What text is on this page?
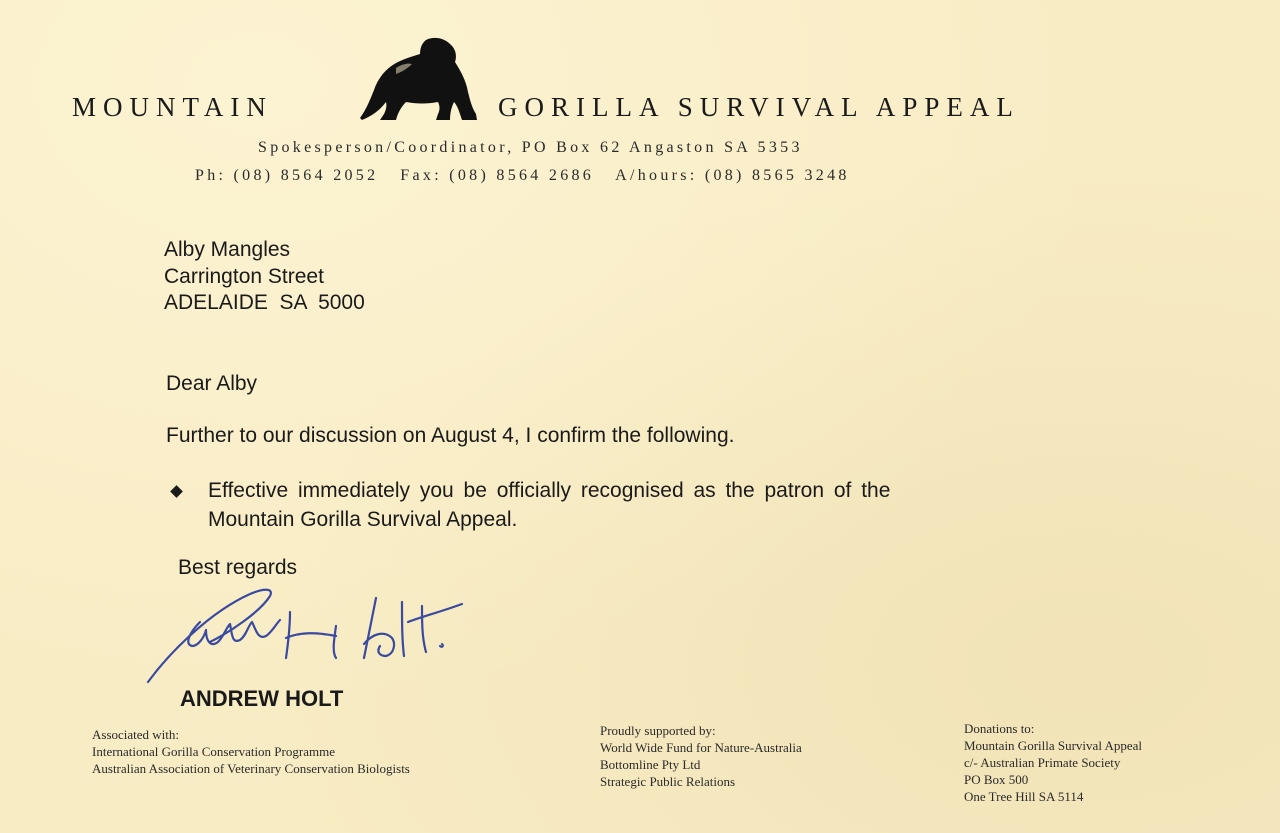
MOUNTAIN	GORILLA SURVIVAL APPEAL
Spokesperson/Coordinator, PO Box 62 Angaston SA 5353
Ph: (08) 8564 2052   Fax: (08) 8564 2686   A/hours: (08) 8565 3248
Alby Mangles
Carrington Street
ADELAIDE  SA  5000
Dear Alby
Further to our discussion on August 4, I confirm the following.
Effective immediately you be officially recognised as the patron of the
Mountain Gorilla Survival Appeal.
Best regards
ANDREW HOLT
Associated with:
International Gorilla Conservation Programme
Australian Association of Veterinary Conservation Biologists
Proudly supported by:
World Wide Fund for Nature-Australia
Bottomline Pty Ltd
Strategic Public Relations
Donations to:
Mountain Gorilla Survival Appeal
c/- Australian Primate Society
PO Box 500
One Tree Hill SA 5114
